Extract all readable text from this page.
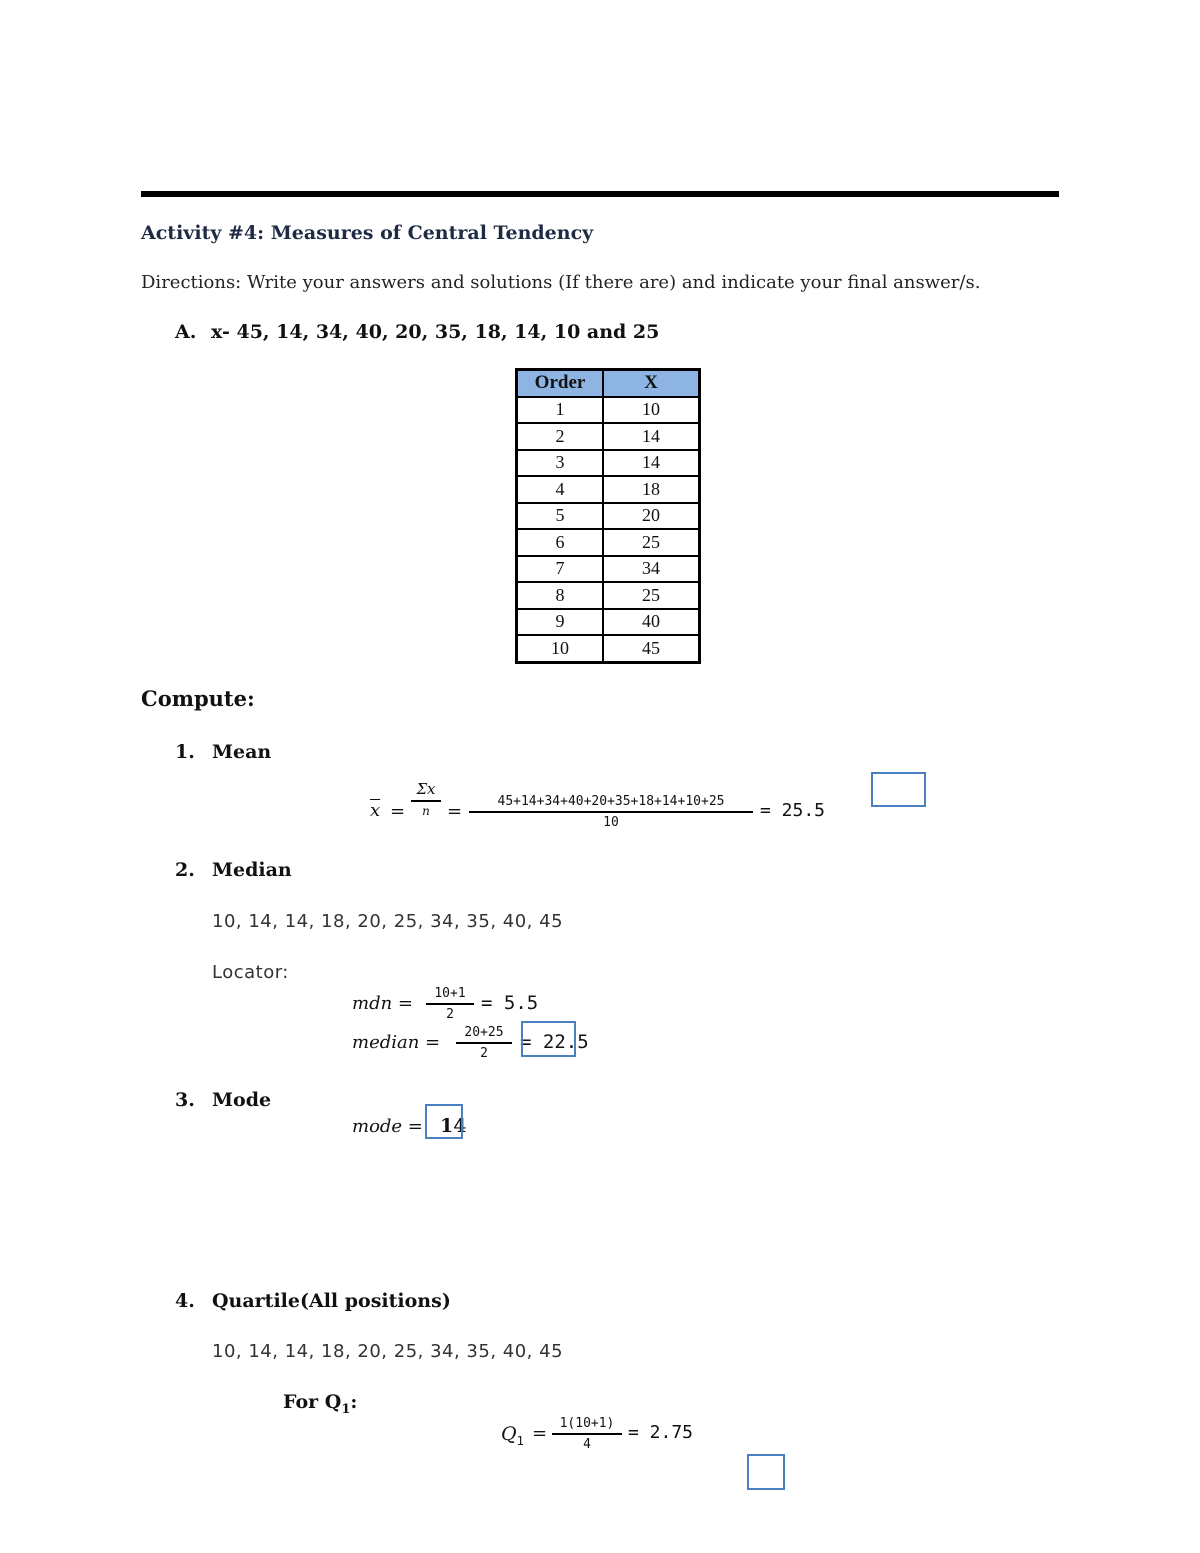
Activity #4: Measures of Central Tendency
Directions: Write your answers and solutions (If there are) and indicate your final answer/s.
A. x- 45, 14, 34, 40, 20, 35, 18, 14, 10 and 25
Order	X
1	10
2	14
3	14
4	18
5	20
6	25
7	34
8	25
9	40
10	45
Compute:
1. Mean
$\overline{x}$ =
Σx
n =	45+14+34+40+20+35+18+14+10+25
10
= 25.5
2. Median
10, 14, 14, 18, 20, 25, 34, 35, 40, 45
Locator:
mdn =	10+1
2
= 5.5
median =	20+25
2
= 22.5
3. Mode
mode = 14
4. Quartile(All positions)
10, 14, 14, 18, 20, 25, 34, 35, 40, 45
For $Q_1$:
$Q_1 = 1(10+1)$
4
= 2.75
